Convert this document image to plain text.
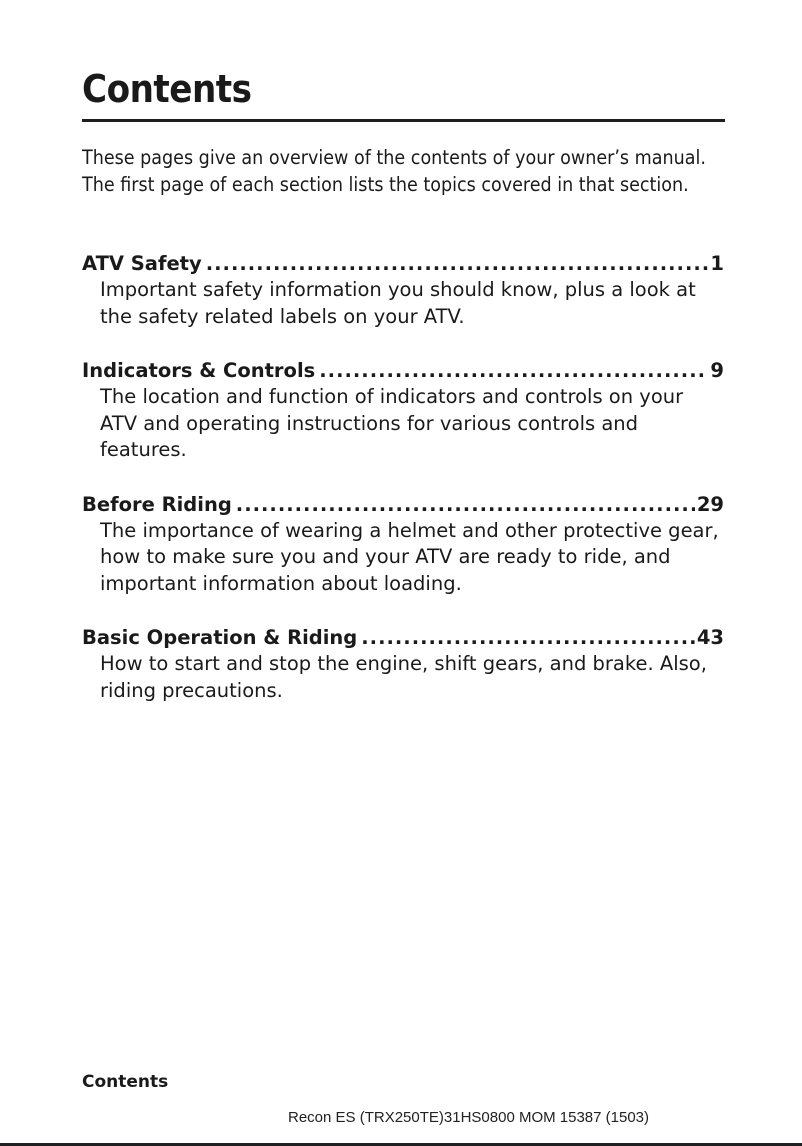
Contents

These pages give an overview of the contents of your owner’s manual.

The first page of each section lists the topics covered in that section.

ATV Safety .....	1
Important safety information you should know, plus a look at the safety related labels on your ATV.
Indicators & Controls .....	9
The location and function of indicators and controls on your ATV and operating instructions for various controls and features.
Before Riding .....	29
The importance of wearing a helmet and other protective gear, how to make sure you and your ATV are ready to ride, and important information about loading.
Basic Operation & Riding .....	43
How to start and stop the engine, shift gears, and brake. Also, riding precautions.
Contents
Recon ES (TRX250TE)31HS0800 MOM 15387 (1503)
